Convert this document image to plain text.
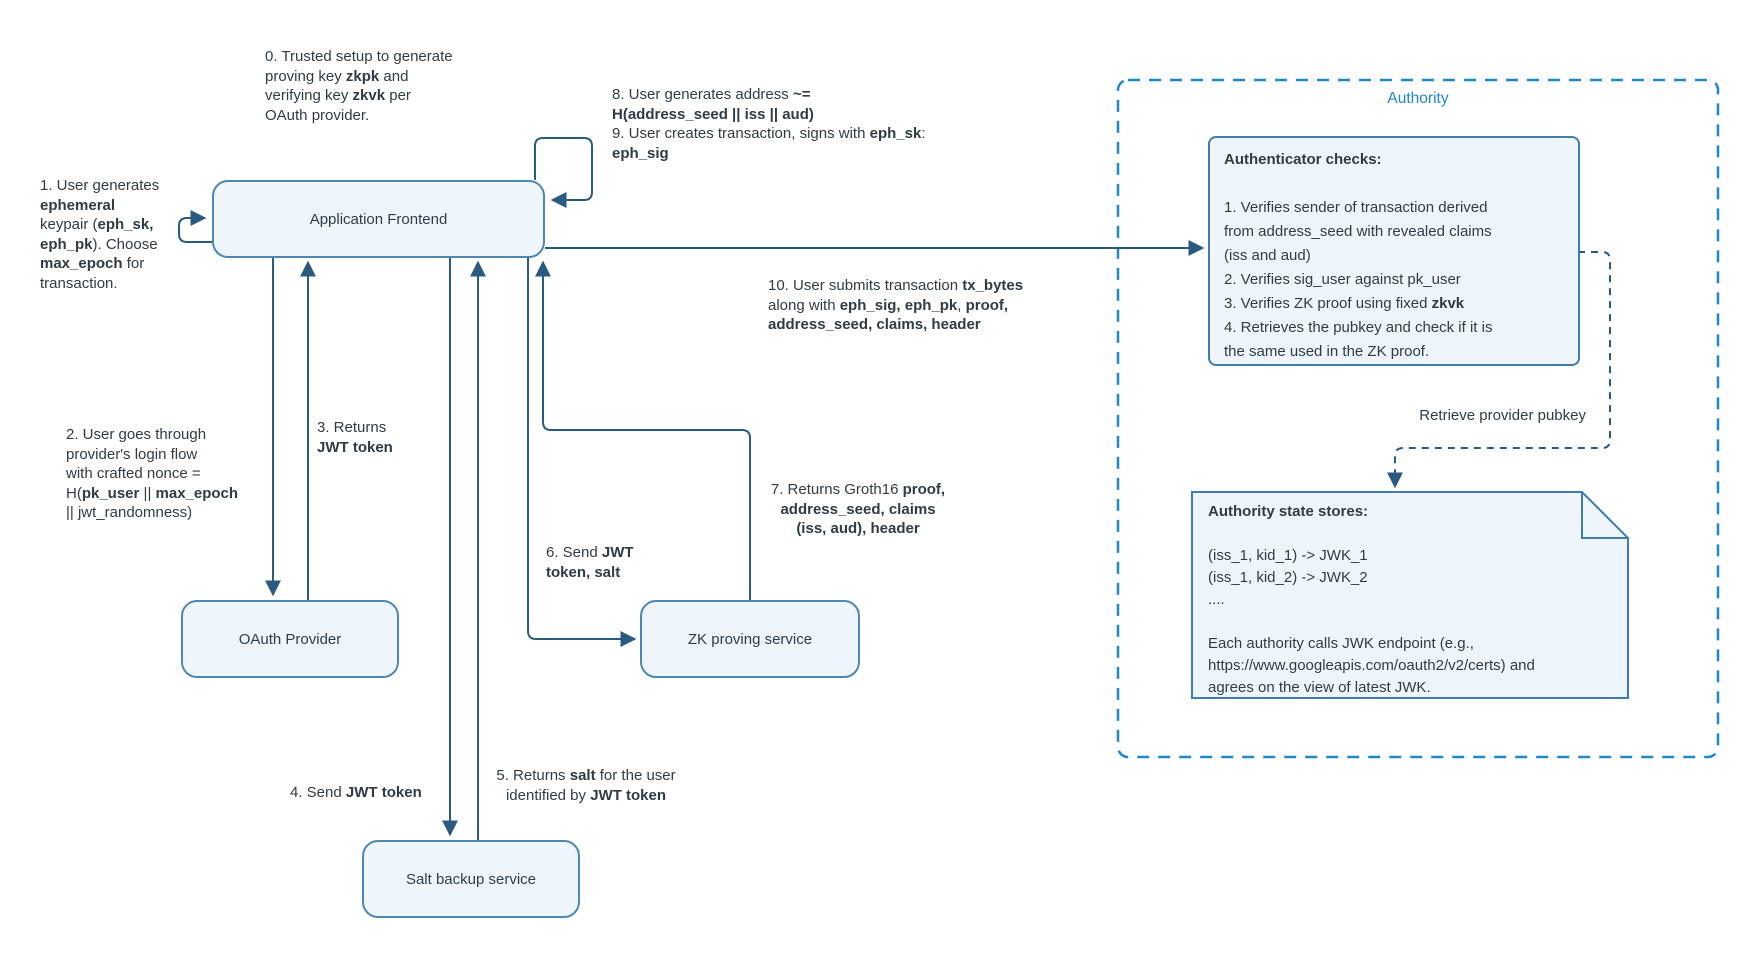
Application Frontend
OAuth Provider	ZK proving service
Salt backup service
0. Trusted setup to generate
proving key zkpk and
verifying key zkvk per
OAuth provider.
1. User generates
ephemeral
keypair (eph_sk,
eph_pk). Choose
max_epoch for
transaction.
2. User goes through
provider's login flow
with crafted nonce =
H(pk_user || max_epoch
|| jwt_randomness)
3. Returns
JWT token
4. Send JWT token
5. Returns salt for the user
identified by JWT token
6. Send JWT
token, salt
7. Returns Groth16 proof,
address_seed, claims
(iss, aud), header
8. User generates address ~=
H(address_seed || iss || aud)
9. User creates transaction, signs with eph_sk:
eph_sig
10. User submits transaction tx_bytes
along with eph_sig, eph_pk, proof,
address_seed, claims, header
Authority
Authenticator checks:

1. Verifies sender of transaction derived
from address_seed with revealed claims
(iss and aud)
2. Verifies sig_user against pk_user
3. Verifies ZK proof using fixed zkvk
4. Retrieves the pubkey and check if it is
the same used in the ZK proof.
Retrieve provider pubkey
Authority state stores:

(iss_1, kid_1) -> JWK_1
(iss_1, kid_2) -> JWK_2
....

Each authority calls JWK endpoint (e.g.,
https://www.googleapis.com/oauth2/v2/certs) and
agrees on the view of latest JWK.
